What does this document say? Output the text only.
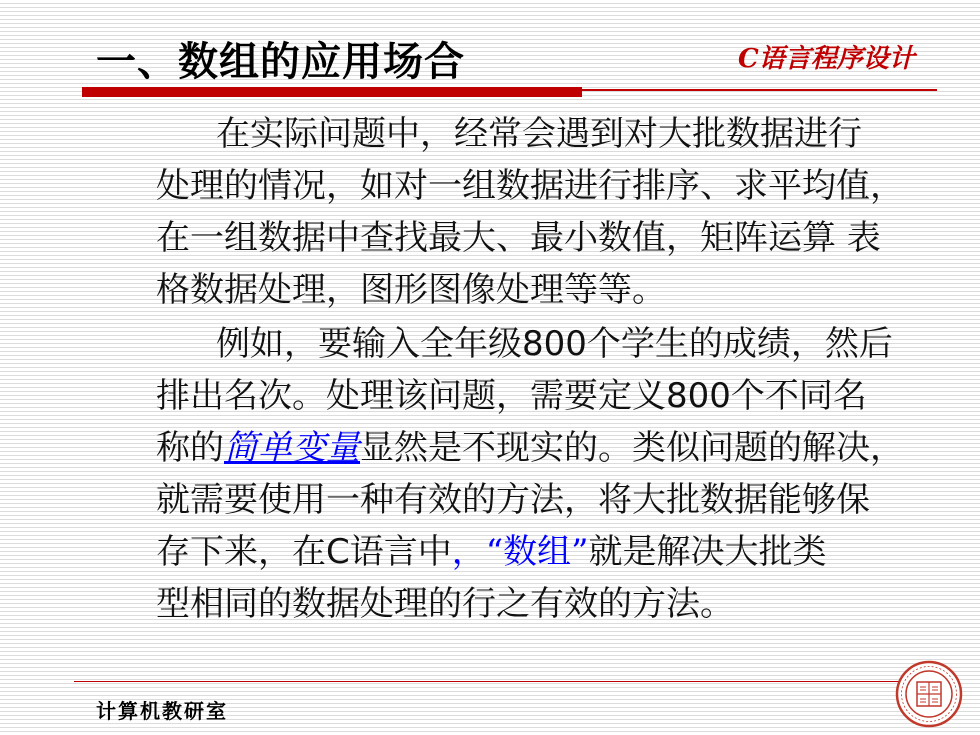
一、数组的应用场合	C语言程序设计
在实际问题中，经常会遇到对大批数据进行
处理的情况，如对一组数据进行排序、求平均值，
在一组数据中查找最大、最小数值，矩阵运算 表
格数据处理，图形图像处理等等。
例如，要输入全年级800个学生的成绩，然后
排出名次。处理该问题，需要定义800个不同名
称的简单变量显然是不现实的。类似问题的解决，
就需要使用一种有效的方法，将大批数据能够保
存下来，在C语言中，“数组”就是解决大批类
型相同的数据处理的行之有效的方法。
计算机教研室
